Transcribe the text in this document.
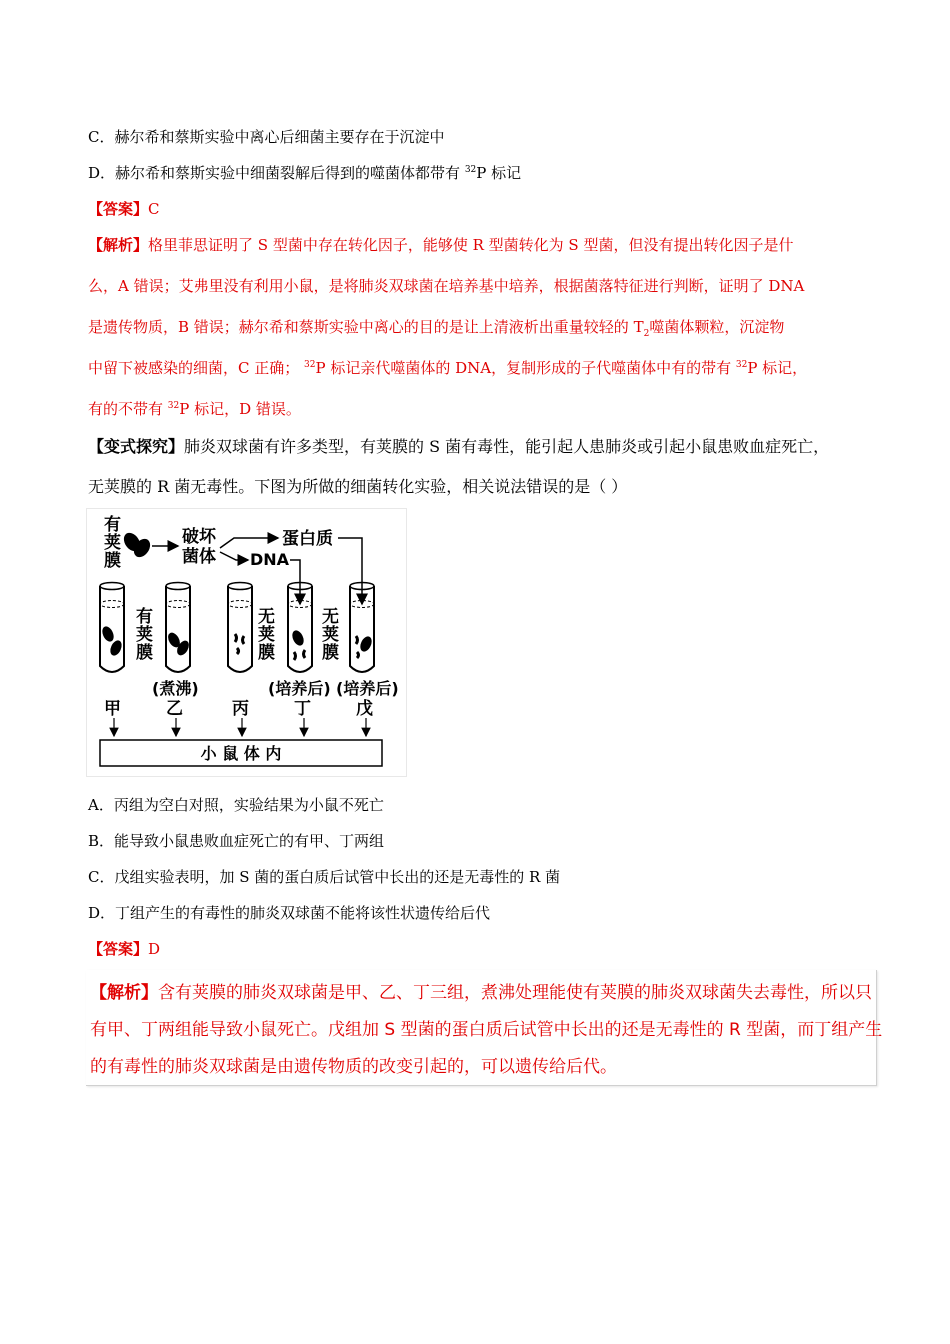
C．赫尔希和蔡斯实验中离心后细菌主要存在于沉淀中
D．赫尔希和蔡斯实验中细菌裂解后得到的噬菌体都带有 $^{32}$P 标记
【答案】C
【解析】格里菲思证明了 S 型菌中存在转化因子，能够使 R 型菌转化为 S 型菌，但没有提出转化因子是什
么，A 错误；艾弗里没有利用小鼠，是将肺炎双球菌在培养基中培养，根据菌落特征进行判断，证明了 DNA
是遗传物质，B 错误；赫尔希和蔡斯实验中离心的目的是让上清液析出重量较轻的 $T_2$噬菌体颗粒，沉淀物
中留下被感染的细菌，C 正确； $^{32}$P 标记亲代噬菌体的 DNA，复制形成的子代噬菌体中有的带有 $^{32}$P 标记，
有的不带有 $^{32}$P 标记，D 错误。
【变式探究】肺炎双球菌有许多类型，有荚膜的 S 菌有毒性，能引起人患肺炎或引起小鼠患败血症死亡，
无荚膜的 R 菌无毒性。下图为所做的细菌转化实验，相关说法错误的是（ ）
有
荚
膜
破坏
菌体
蛋白质
DNA
有
荚
膜
无
荚
膜
无
荚
膜
(煮沸)	(培养后) (培养后)
甲	乙	丙	丁	戊
小 鼠 体 内
A．丙组为空白对照，实验结果为小鼠不死亡
B．能导致小鼠患败血症死亡的有甲、丁两组
C．戊组实验表明，加 S 菌的蛋白质后试管中长出的还是无毒性的 R 菌
D．丁组产生的有毒性的肺炎双球菌不能将该性状遗传给后代
【答案】D
【解析】含有荚膜的肺炎双球菌是甲、乙、丁三组，煮沸处理能使有荚膜的肺炎双球菌失去毒性，所以只
有甲、丁两组能导致小鼠死亡。戊组加 S 型菌的蛋白质后试管中长出的还是无毒性的 R 型菌，而丁组产生
的有毒性的肺炎双球菌是由遗传物质的改变引起的，可以遗传给后代。
